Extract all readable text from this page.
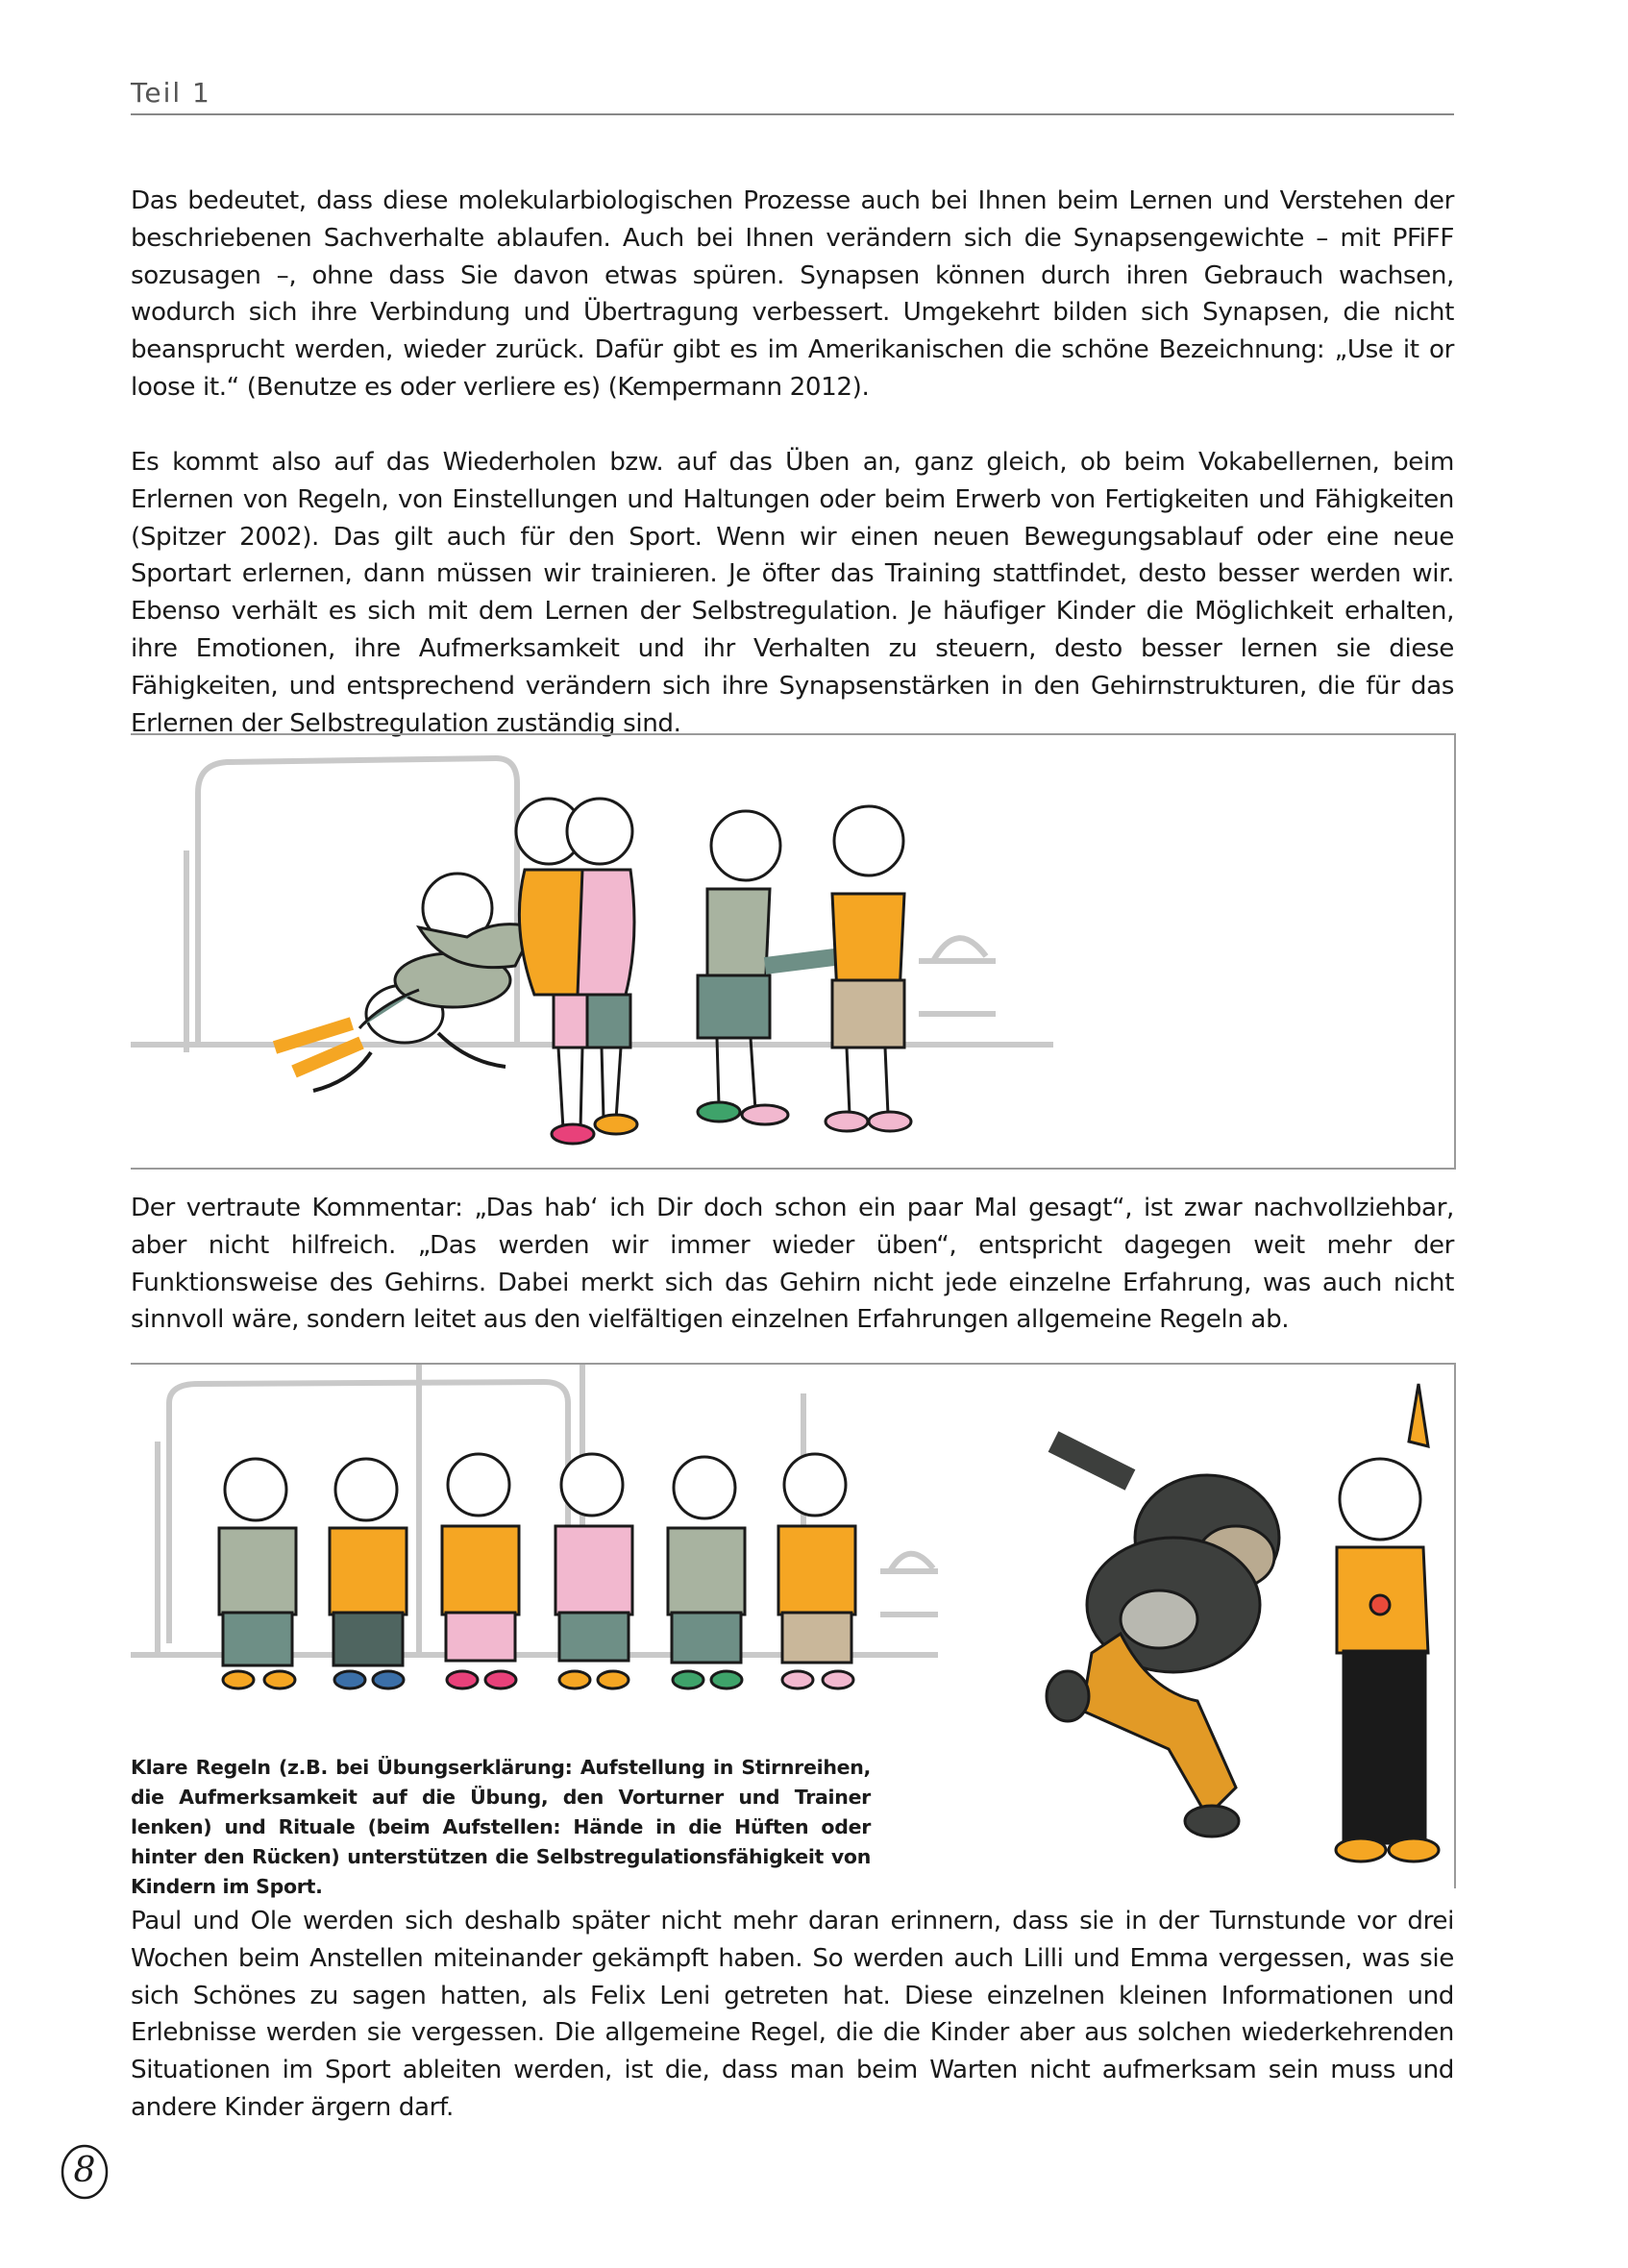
Teil 1

Das bedeutet, dass diese molekularbiologischen Prozesse auch bei Ihnen beim Lernen und Verstehen der beschriebenen Sachverhalte ablaufen. Auch bei Ihnen verändern sich die Synapsengewichte – mit PFiFF sozusagen –, ohne dass Sie davon etwas spüren. Synapsen können durch ihren Gebrauch wachsen, wodurch sich ihre Verbindung und Übertragung verbessert. Umgekehrt bilden sich Synapsen, die nicht beansprucht werden, wieder zurück. Dafür gibt es im Amerikanischen die schöne Bezeichnung: „Use it or loose it.“ (Benutze es oder verliere es) (Kempermann 2012).

Es kommt also auf das Wiederholen bzw. auf das Üben an, ganz gleich, ob beim Vokabellernen, beim Erlernen von Regeln, von Einstellungen und Haltungen oder beim Erwerb von Fertigkeiten und Fähigkeiten (Spitzer 2002). Das gilt auch für den Sport. Wenn wir einen neuen Bewegungsablauf oder eine neue Sportart erlernen, dann müssen wir trainieren. Je öfter das Training stattfindet, desto besser werden wir. Ebenso verhält es sich mit dem Lernen der Selbstregulation. Je häufiger Kinder die Möglichkeit erhalten, ihre Emotionen, ihre Aufmerksamkeit und ihr Verhalten zu steuern, desto besser lernen sie diese Fähigkeiten, und entsprechend verändern sich ihre Synapsenstärken in den Gehirnstrukturen, die für das Erlernen der Selbstregulation zuständig sind.

Der vertraute Kommentar: „Das hab‘ ich Dir doch schon ein paar Mal gesagt“, ist zwar nachvollziehbar, aber nicht hilfreich. „Das werden wir immer wieder üben“, entspricht dagegen weit mehr der Funktionsweise des Gehirns. Dabei merkt sich das Gehirn nicht jede einzelne Erfahrung, was auch nicht sinnvoll wäre, sondern leitet aus den vielfältigen einzelnen Erfahrungen allgemeine Regeln ab.

Klare Regeln (z.B. bei Übungserklärung: Aufstellung in Stirnreihen, die Aufmerksamkeit auf die Übung, den Vorturner und Trainer lenken) und Rituale (beim Aufstellen: Hände in die Hüften oder hinter den Rücken) unterstützen die Selbstregulationsfähigkeit von Kindern im Sport.

Paul und Ole werden sich deshalb später nicht mehr daran erinnern, dass sie in der Turnstunde vor drei Wochen beim Anstellen miteinander gekämpft haben. So werden auch Lilli und Emma vergessen, was sie sich Schönes zu sagen hatten, als Felix Leni getreten hat. Diese einzelnen kleinen Informationen und Erlebnisse werden sie vergessen. Die allgemeine Regel, die die Kinder aber aus solchen wiederkehrenden Situationen im Sport ableiten werden, ist die, dass man beim Warten nicht aufmerksam sein muss und andere Kinder ärgern darf.

8
